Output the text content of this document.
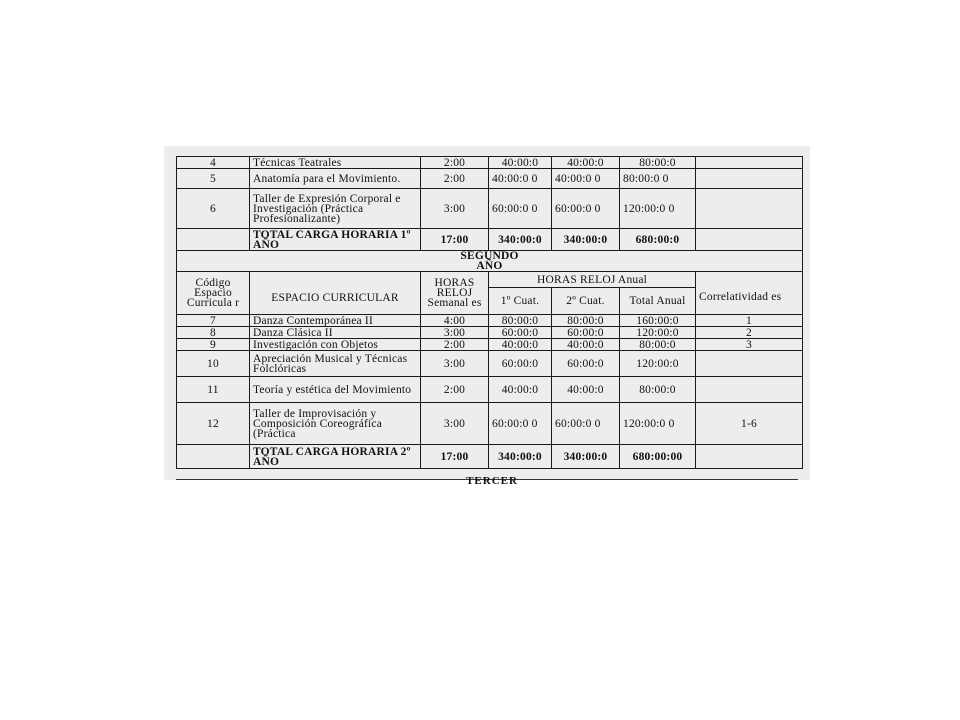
4	Técnicas Teatrales	2:00	40:00:0	40:00:0	80:00:0	
5	Anatomía para el Movimiento.	2:00	40:00:0 0	40:00:0 0	80:00:0 0	
6	Taller de Expresión Corporal e Investigación (Práctica Profesionalizante)	3:00	60:00:0 0	60:00:0 0	120:00:0 0	
	TOTAL CARGA HORARIA 1º AÑO	17:00	340:00:0	340:00:0	680:00:0	
SEGUNDO AÑO						
Código Espacio Curricula r	ESPACIO CURRICULAR	HORAS RELOJ Semanal es	HORAS RELOJ Anual			Correlatividad es
			1º Cuat.	2º Cuat.	Total Anual	
7	Danza Contemporánea II	4:00	80:00:0	80:00:0	160:00:0	1
8	Danza Clásica II	3:00	60:00:0	60:00:0	120:00:0	2
9	Investigación con Objetos	2:00	40:00:0	40:00:0	80:00:0	3
10	Apreciación Musical y Técnicas Folclóricas	3:00	60:00:0	60:00:0	120:00:0	
11	Teoría y estética del Movimiento	2:00	40:00:0	40:00:0	80:00:0	
12	Taller de Improvisación y Composición Coreográfica (Práctica	3:00	60:00:0 0	60:00:0 0	120:00:0 0	1-6
	TOTAL CARGA HORARIA 2º AÑO	17:00	340:00:0	340:00:0	680:00:00	
TERCER
